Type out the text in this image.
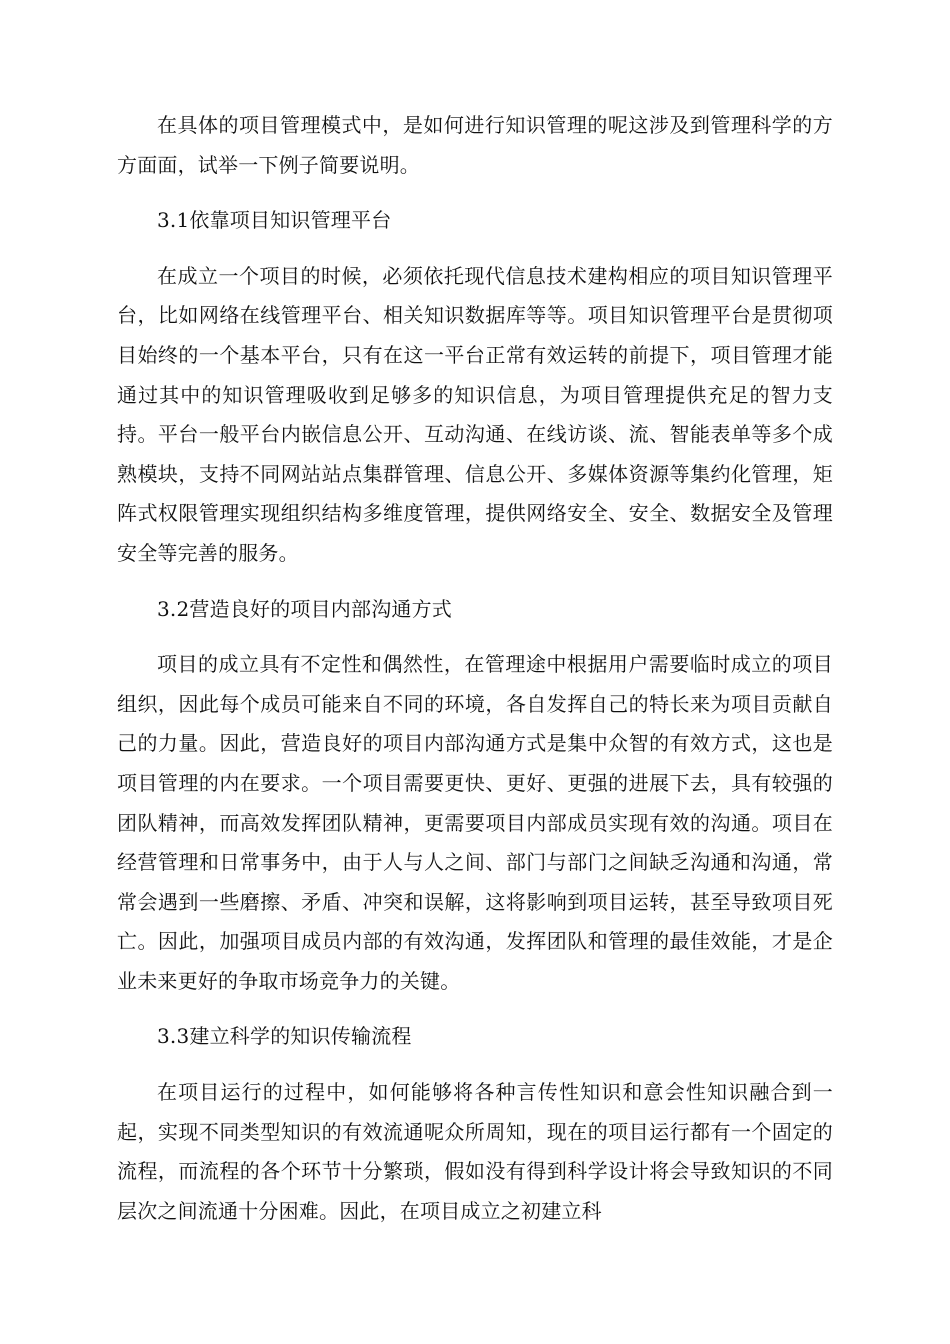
在具体的项目管理模式中，是如何进行知识管理的呢这涉及到管理科学的方方面面，试举一下例子简要说明。

3.1依靠项目知识管理平台

在成立一个项目的时候，必须依托现代信息技术建构相应的项目知识管理平台，比如网络在线管理平台、相关知识数据库等等。项目知识管理平台是贯彻项目始终的一个基本平台，只有在这一平台正常有效运转的前提下，项目管理才能通过其中的知识管理吸收到足够多的知识信息，为项目管理提供充足的智力支持。平台一般平台内嵌信息公开、互动沟通、在线访谈、流、智能表单等多个成熟模块，支持不同网站站点集群管理、信息公开、多媒体资源等集约化管理，矩阵式权限管理实现组织结构多维度管理，提供网络安全、安全、数据安全及管理安全等完善的服务。

3.2营造良好的项目内部沟通方式

项目的成立具有不定性和偶然性，在管理途中根据用户需要临时成立的项目组织，因此每个成员可能来自不同的环境，各自发挥自己的特长来为项目贡献自己的力量。因此，营造良好的项目内部沟通方式是集中众智的有效方式，这也是项目管理的内在要求。一个项目需要更快、更好、更强的进展下去，具有较强的团队精神，而高效发挥团队精神，更需要项目内部成员实现有效的沟通。项目在经营管理和日常事务中，由于人与人之间、部门与部门之间缺乏沟通和沟通，常常会遇到一些磨擦、矛盾、冲突和误解，这将影响到项目运转，甚至导致项目死亡。因此，加强项目成员内部的有效沟通，发挥团队和管理的最佳效能，才是企业未来更好的争取市场竞争力的关键。

3.3建立科学的知识传输流程

在项目运行的过程中，如何能够将各种言传性知识和意会性知识融合到一起，实现不同类型知识的有效流通呢众所周知，现在的项目运行都有一个固定的流程，而流程的各个环节十分繁琐，假如没有得到科学设计将会导致知识的不同层次之间流通十分困难。因此，在项目成立之初建立科
